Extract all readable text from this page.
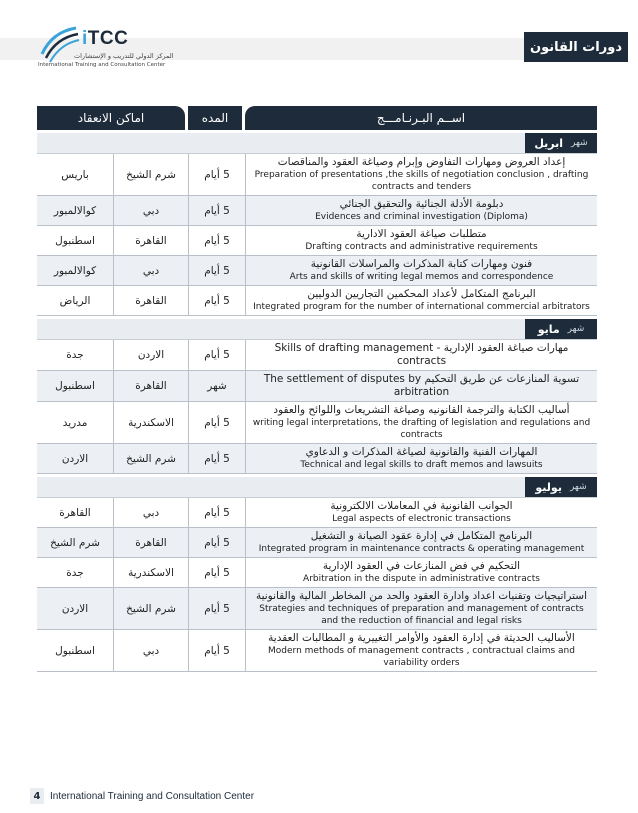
دورات القانون
iTCC
المركز الدولي للتدريب و الإستشارات
International Training and Consultation Center
اســم البـرنـامـــج
المده
اماكن الانعقاد
شهر
ابريل
إعداد العروض ومهارات التفاوض وإبرام وصياغة العقود والمناقصات
Preparation of presentations ,the skills of negotiation conclusion , drafting contracts and tenders
5 أيام
شرم الشيخ
باريس
دبلومة الأدلة الجنائية والتحقيق الجنائي
Evidences and criminal investigation (Diploma)
5 أيام
دبي
كوالالمبور
متطلبات صياغة العقود الادارية
Drafting contracts and administrative requirements
5 أيام
القاهرة
اسطنبول
فنون ومهارات كتابة المذكرات والمراسلات القانونية
Arts and skills of writing legal memos and correspondence
5 أيام
دبي
كوالالمبور
البرنامج المتكامل لأعداد المحكمين التجاريين الدوليين
Integrated program for the number of international commercial arbitrators
5 أيام
القاهرة
الرياض
شهر
مايو
مهارات صياغة العقود الإدارية - Skills of drafting management contracts
5 أيام
الاردن
جدة
تسوية المنازعات عن طريق التحكيم The settlement of disputes by arbitration
شهر
القاهرة
اسطنبول
أساليب الكتابة والترجمة القانونيه وصياغة التشريعات واللوائح والعقود
writing legal interpretations, the drafting of legislation and regulations and contracts
5 أيام
الاسكندرية
مدريد
المهارات الفنية والقانونية لصياغة المذكرات و الدعاوي
Technical and legal skills to draft memos and lawsuits
5 أيام
شرم الشيخ
الاردن
شهر
يوليو
الجوانب القانونية في المعاملات الالكترونية
Legal aspects of electronic transactions
5 أيام
دبي
القاهرة
البرنامج المتكامل في إدارة عقود الصيانة و التشغيل
Integrated program in maintenance contracts & operating management
5 أيام
القاهرة
شرم الشيخ
التحكيم في فض المنازعات في العقود الإدارية
Arbitration in the dispute in administrative contracts
5 أيام
الاسكندرية
جدة
استراتيجيات وتقنيات اعداد وادارة العقود والحد من المخاطر المالية والقانونية
Strategies and techniques of preparation and management of contracts and the reduction of financial and legal risks
5 أيام
شرم الشيخ
الاردن
الأساليب الحديثة في إدارة العقود والأوامر التغييرية و المطالبات العقدية
Modern methods of management contracts , contractual claims and variability orders
5 أيام
دبي
اسطنبول
4 International Training and Consultation Center
